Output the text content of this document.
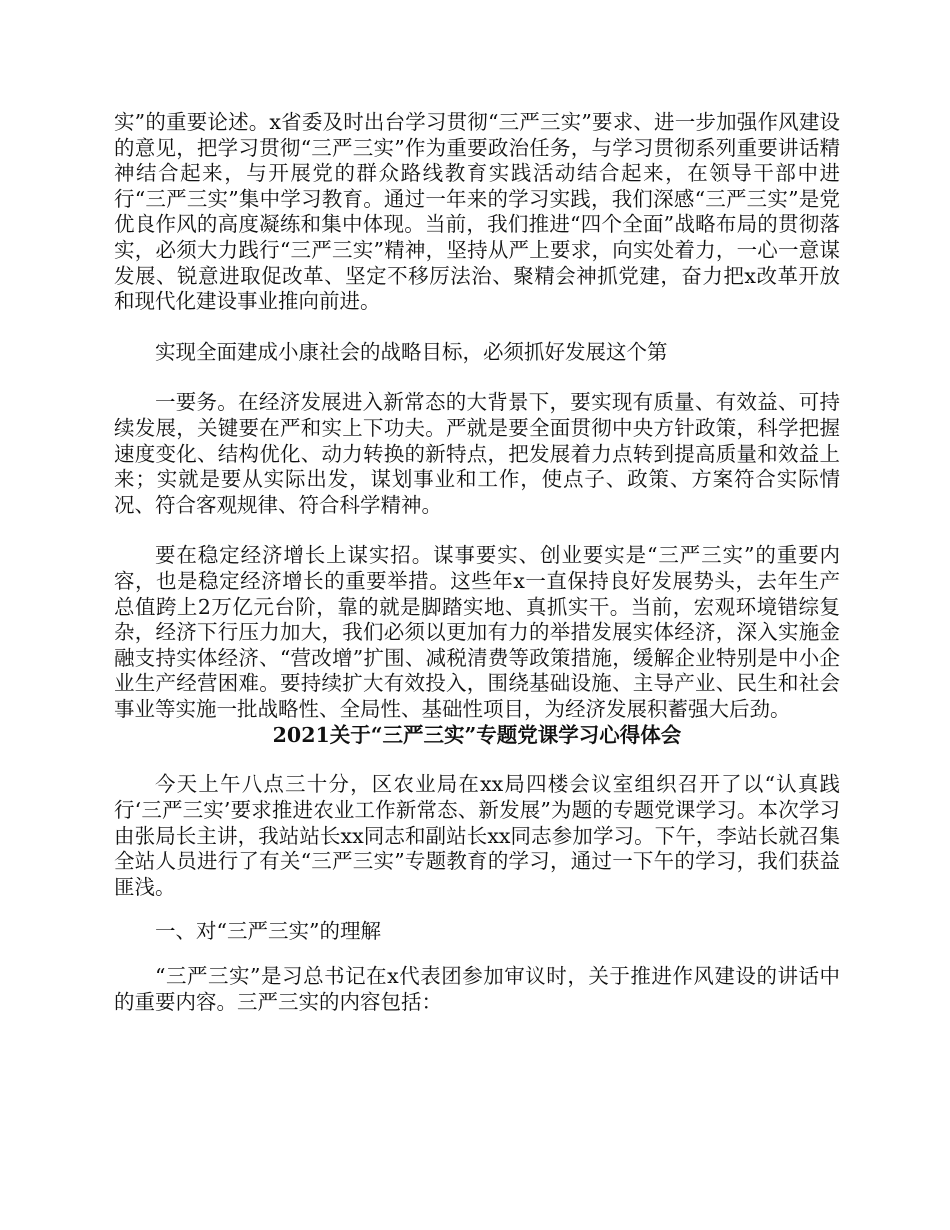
实”的重要论述。x省委及时出台学习贯彻“三严三实”要求、进一步加强作风建设的意见，把学习贯彻“三严三实”作为重要政治任务，与学习贯彻系列重要讲话精神结合起来，与开展党的群众路线教育实践活动结合起来，在领导干部中进行“三严三实”集中学习教育。通过一年来的学习实践，我们深感“三严三实”是党优良作风的高度凝练和集中体现。当前，我们推进“四个全面”战略布局的贯彻落实，必须大力践行“三严三实”精神，坚持从严上要求，向实处着力，一心一意谋发展、锐意进取促改革、坚定不移厉法治、聚精会神抓党建，奋力把x改革开放和现代化建设事业推向前进。

实现全面建成小康社会的战略目标，必须抓好发展这个第

一要务。在经济发展进入新常态的大背景下，要实现有质量、有效益、可持续发展，关键要在严和实上下功夫。严就是要全面贯彻中央方针政策，科学把握速度变化、结构优化、动力转换的新特点，把发展着力点转到提高质量和效益上来；实就是要从实际出发，谋划事业和工作，使点子、政策、方案符合实际情况、符合客观规律、符合科学精神。

要在稳定经济增长上谋实招。谋事要实、创业要实是“三严三实”的重要内容，也是稳定经济增长的重要举措。这些年x一直保持良好发展势头，去年生产总值跨上2万亿元台阶，靠的就是脚踏实地、真抓实干。当前，宏观环境错综复杂，经济下行压力加大，我们必须以更加有力的举措发展实体经济，深入实施金融支持实体经济、“营改增”扩围、减税清费等政策措施，缓解企业特别是中小企业生产经营困难。要持续扩大有效投入，围绕基础设施、主导产业、民生和社会事业等实施一批战略性、全局性、基础性项目，为经济发展积蓄强大后劲。

2021关于“三严三实”专题党课学习心得体会

今天上午八点三十分，区农业局在xx局四楼会议室组织召开了以“认真践行‘三严三实’要求推进农业工作新常态、新发展”为题的专题党课学习。本次学习由张局长主讲，我站站长xx同志和副站长xx同志参加学习。下午，李站长就召集全站人员进行了有关“三严三实”专题教育的学习，通过一下午的学习，我们获益匪浅。

一、对“三严三实”的理解

“三严三实”是习总书记在x代表团参加审议时，关于推进作风建设的讲话中的重要内容。三严三实的内容包括：
